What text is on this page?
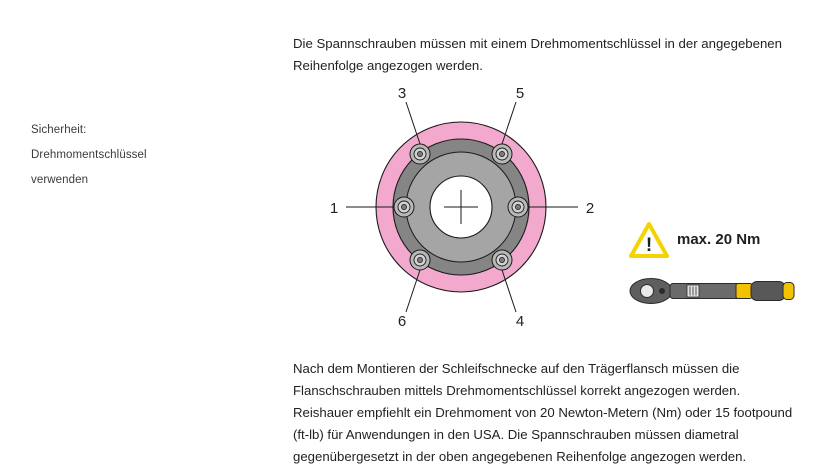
Sicherheit:
Drehmomentschlüssel
verwenden
Die Spannschrauben müssen mit einem Drehmomentschlüssel in der angegebenen Reihenfolge angezogen werden.
3	5
1	2
6	4
! max. 20 Nm
Nach dem Montieren der Schleifschnecke auf den Trägerflansch müssen die Flanschschrauben mittels Drehmomentschlüssel korrekt angezogen werden. Reishauer empfiehlt ein Drehmoment von 20 Newton-Metern (Nm) oder 15 footpound (ft-lb) für Anwendungen in den USA. Die Spannschrauben müssen diametral gegenübergesetzt in der oben angegebenen Reihenfolge angezogen werden.
